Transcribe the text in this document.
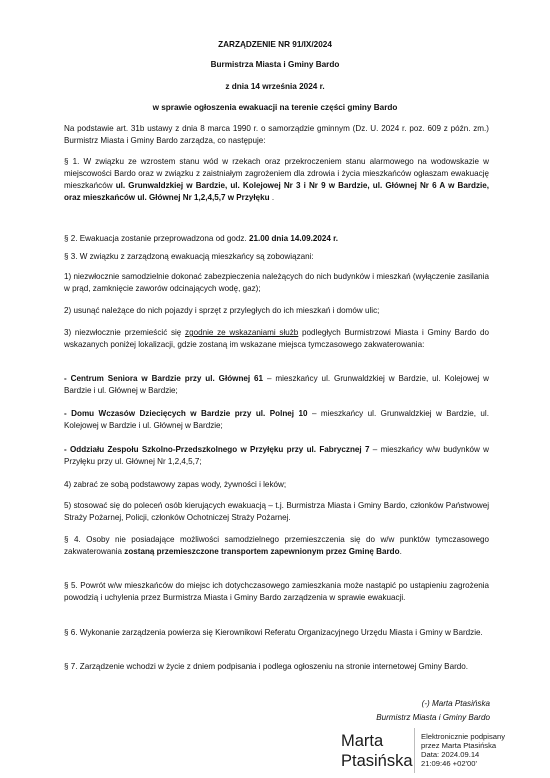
ZARZĄDZENIE NR 91/IX/2024
Burmistrza Miasta i Gminy Bardo
z dnia 14 września 2024 r.
w sprawie ogłoszenia ewakuacji na terenie części gminy Bardo
Na podstawie art. 31b ustawy z dnia 8 marca 1990 r. o samorządzie gminnym (Dz. U. 2024 r. poz. 609 z późn. zm.) Burmistrz Miasta i Gminy Bardo zarządza, co następuje:
§ 1. W związku ze wzrostem stanu wód w rzekach oraz przekroczeniem stanu alarmowego na wodowskazie w miejscowości Bardo oraz w związku z zaistniałym zagrożeniem dla zdrowia i życia mieszkańców ogłaszam ewakuację mieszkańców ul. Grunwaldzkiej w Bardzie, ul. Kolejowej Nr 3 i Nr 9 w Bardzie, ul. Głównej Nr 6 A w Bardzie, oraz mieszkańców ul. Głównej Nr 1,2,4,5,7 w Przyłęku .
§ 2. Ewakuacja zostanie przeprowadzona od godz. 21.00 dnia 14.09.2024 r.
§ 3. W związku z zarządzoną ewakuacją mieszkańcy są zobowiązani:
1) niezwłocznie samodzielnie dokonać zabezpieczenia należących do nich budynków i mieszkań (wyłączenie zasilania w prąd, zamknięcie zaworów odcinających wodę, gaz);
2) usunąć należące do nich pojazdy i sprzęt z przyległych do ich mieszkań i domów ulic;
3) niezwłocznie przemieścić się zgodnie ze wskazaniami służb podległych Burmistrzowi Miasta i Gminy Bardo do wskazanych poniżej lokalizacji, gdzie zostaną im wskazane miejsca tymczasowego zakwaterowania:
- Centrum Seniora w Bardzie przy ul. Głównej 61 – mieszkańcy ul. Grunwaldzkiej w Bardzie, ul. Kolejowej w Bardzie i ul. Głównej w Bardzie;
- Domu Wczasów Dziecięcych w Bardzie przy ul. Polnej 10 – mieszkańcy ul. Grunwaldzkiej w Bardzie, ul. Kolejowej w Bardzie i ul. Głównej w Bardzie;
- Oddziału Zespołu Szkolno-Przedszkolnego w Przyłęku przy ul. Fabrycznej 7 – mieszkańcy w/w budynków w Przyłęku przy ul. Głównej Nr 1,2,4,5,7;
4) zabrać ze sobą podstawowy zapas wody, żywności i leków;
5) stosować się do poleceń osób kierujących ewakuacją – t.j. Burmistrza Miasta i Gminy Bardo, członków Państwowej Straży Pożarnej, Policji, członków Ochotniczej Straży Pożarnej.
§ 4. Osoby nie posiadające możliwości samodzielnego przemieszczenia się do w/w punktów tymczasowego zakwaterowania zostaną przemieszczone transportem zapewnionym przez Gminę Bardo.
§ 5. Powrót w/w mieszkańców do miejsc ich dotychczasowego zamieszkania może nastąpić po ustąpieniu zagrożenia powodzią i uchylenia przez Burmistrza Miasta i Gminy Bardo zarządzenia w sprawie ewakuacji.
§ 6. Wykonanie zarządzenia powierza się Kierownikowi Referatu Organizacyjnego Urzędu Miasta i Gminy w Bardzie.
§ 7. Zarządzenie wchodzi w życie z dniem podpisania i podlega ogłoszeniu na stronie internetowej Gminy Bardo.
(-) Marta Ptasińska
Burmistrz Miasta i Gminy Bardo
Marta
Ptasińska
Elektronicznie podpisany
przez Marta Ptasińska
Data: 2024.09.14
21:09:46 +02'00'
